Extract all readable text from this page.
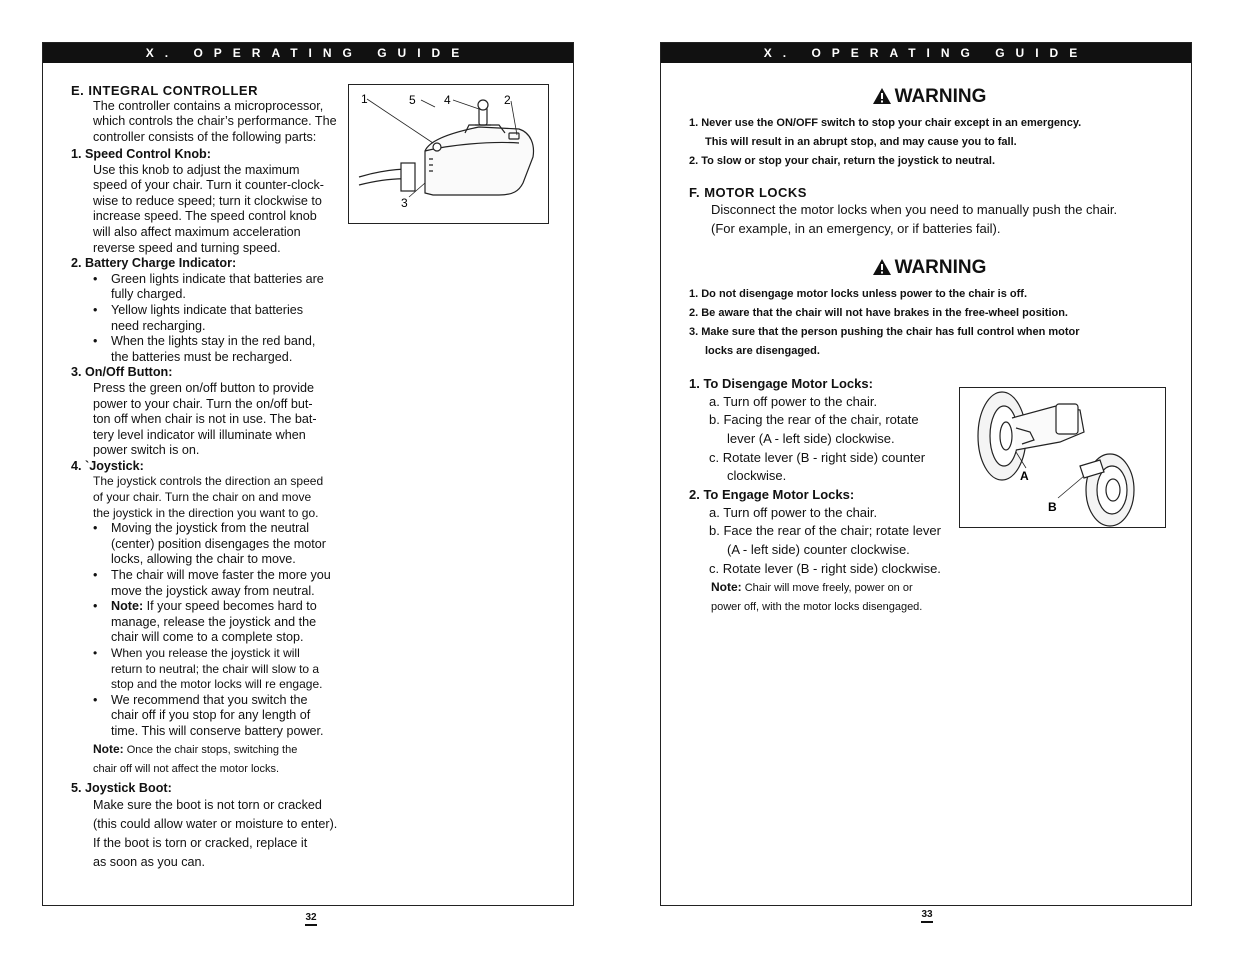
X. OPERATING GUIDE
E. INTEGRAL CONTROLLER
The controller contains a microprocessor,
which controls the chair’s performance. The
controller consists of the following parts:
1. Speed Control Knob:
Use this knob to adjust the maximum
speed of your chair. Turn it counter-clock-
wise to reduce speed; turn it clockwise to
increase speed. The speed control knob
will also affect maximum acceleration
reverse speed and turning speed.
2. Battery Charge Indicator:
• Green lights indicate that batteries are
fully charged.
• Yellow lights indicate that batteries
need recharging.
• When the lights stay in the red band,
the batteries must be recharged.
3. On/Off Button:
Press the green on/off button to provide
power to your chair. Turn the on/off but-
ton off when chair is not in use. The bat-
tery level indicator will illuminate when
power switch is on.
4. `Joystick:
The joystick controls the direction an speed
of your chair. Turn the chair on and move
the joystick in the direction you want to go.
• Moving the joystick from the neutral
(center) position disengages the motor
locks, allowing the chair to move.
• The chair will move faster the more you
move the joystick away from neutral.
• Note: If your speed becomes hard to
manage, release the joystick and the
chair will come to a complete stop.
• When you release the joystick it will
return to neutral; the chair will slow to a
stop and the motor locks will re engage.
• We recommend that you switch the
chair off if you stop for any length of
time. This will conserve battery power.
Note: Once the chair stops, switching the
chair off will not affect the motor locks.
5. Joystick Boot:
Make sure the boot is not torn or cracked
(this could allow water or moisture to enter).
If the boot is torn or cracked, replace it
as soon as you can.
1	5 4	2
3
32
X. OPERATING GUIDE
WARNING
1. Never use the ON/OFF switch to stop your chair except in an emergency.
This will result in an abrupt stop, and may cause you to fall.
2. To slow or stop your chair, return the joystick to neutral.
F. MOTOR LOCKS
Disconnect the motor locks when you need to manually push the chair.
(For example, in an emergency, or if batteries fail).
WARNING
1. Do not disengage motor locks unless power to the chair is off.
2. Be aware that the chair will not have brakes in the free-wheel position.
3. Make sure that the person pushing the chair has full control when motor
locks are disengaged.
1. To Disengage Motor Locks:
a. Turn off power to the chair.
b. Facing the rear of the chair, rotate
lever (A - left side) clockwise.
c. Rotate lever (B - right side) counter
clockwise.
2. To Engage Motor Locks:
a. Turn off power to the chair.
b. Face the rear of the chair; rotate lever
(A - left side) counter clockwise.
c. Rotate lever (B - right side) clockwise.
Note: Chair will move freely, power on or
power off, with the motor locks disengaged.
A
B
33
